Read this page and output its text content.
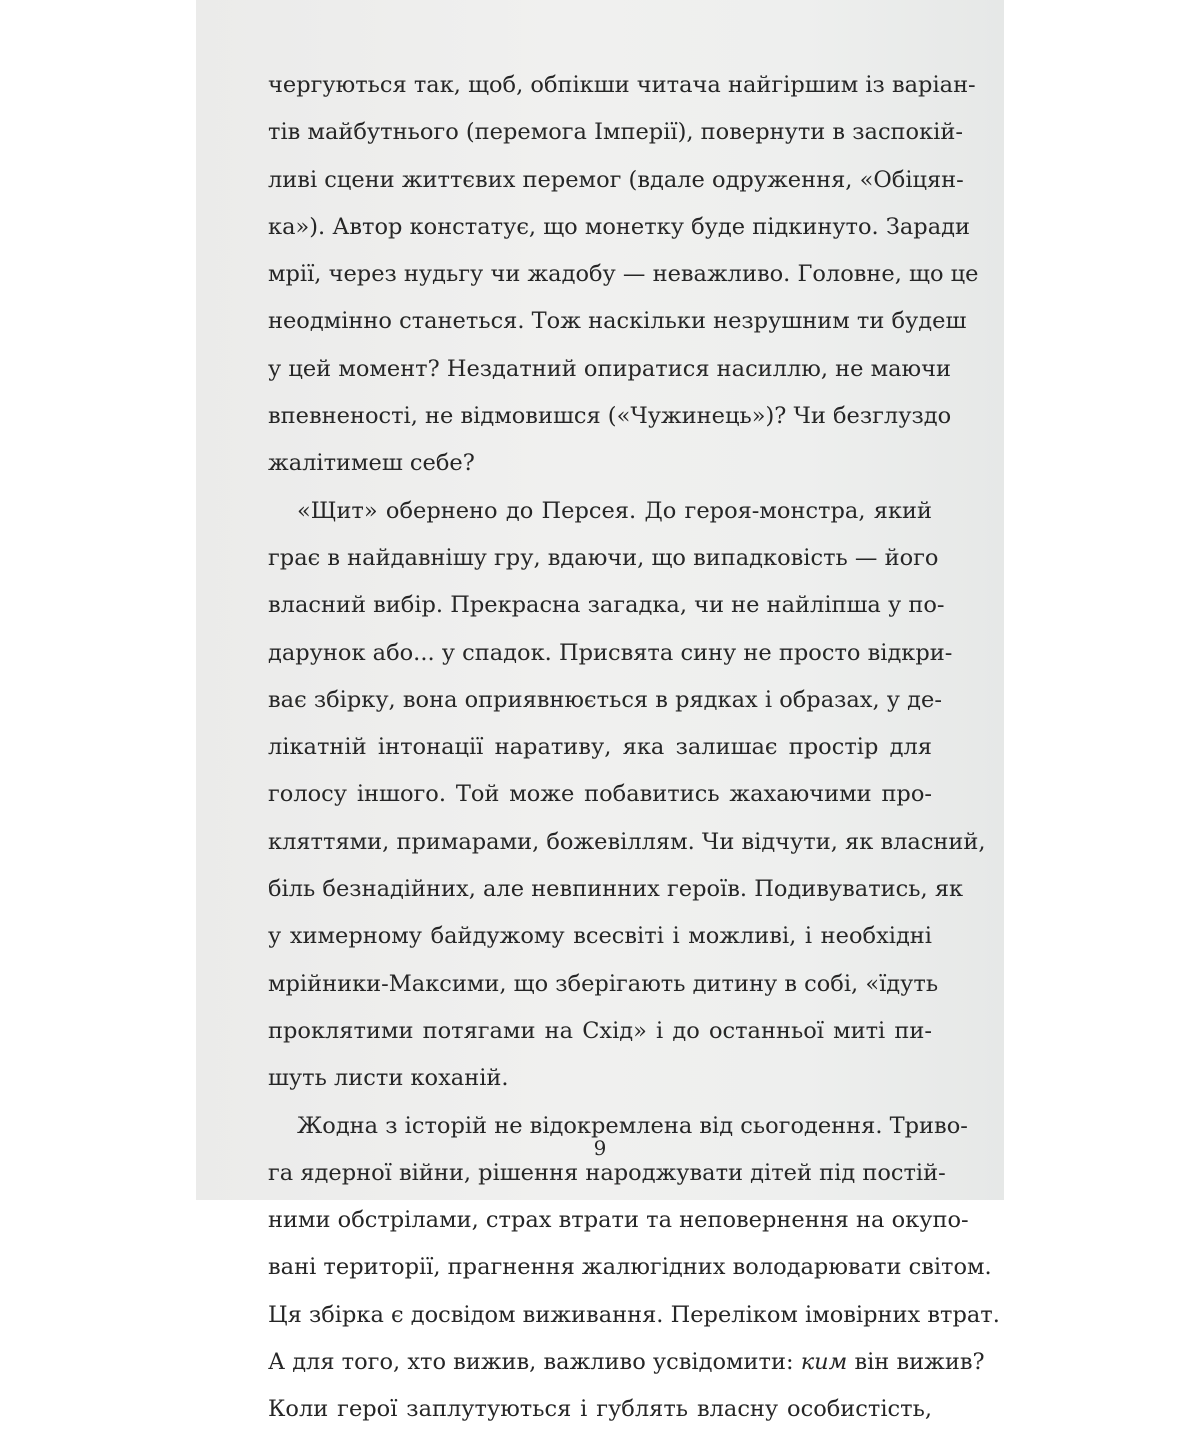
чергуються так, щоб, обпікши читача найгіршим із варіан-
тів майбутнього (перемога Імперії), повернути в заспокій-
ливі сцени життєвих перемог (вдале одруження, «Обіцян-
ка»). Автор констатує, що монетку буде підкинуто. Заради
мрії, через нудьгу чи жадобу — неважливо. Головне, що це
неодмінно станеться. Тож наскільки незрушним ти будеш
у цей момент? Нездатний опиратися насиллю, не маючи
впевненості, не відмовишся («Чужинець»)? Чи безглуздо
жалітимеш себе?
«Щит» обернено до Персея. До героя-монстра, який
грає в найдавнішу гру, вдаючи, що випадковість — його
власний вибір. Прекрасна загадка, чи не найліпша у по-
дарунок або... у спадок. Присвята сину не просто відкри-
ває збірку, вона оприявнюється в рядках і образах, у де-
лікатній інтонації наративу, яка залишає простір для
голосу іншого. Той може побавитись жахаючими про-
кляттями, примарами, божевіллям. Чи відчути, як власний,
біль безнадійних, але невпинних героїв. Подивуватись, як
у химерному байдужому всесвіті і можливі, і необхідні
мрійники-Максими, що зберігають дитину в собі, «їдуть
проклятими потягами на Схід» і до останньої миті пи-
шуть листи коханій.
Жодна з історій не відокремлена від сьогодення. Триво-
га ядерної війни, рішення народжувати дітей під постій-
ними обстрілами, страх втрати та неповернення на окупо-
вані території, прагнення жалюгідних володарювати світом.
Ця збірка є досвідом виживання. Переліком імовірних втрат.
А для того, хто вижив, важливо усвідомити: ким він вижив?
Коли герої заплутуються і гублять власну особистість,
9
